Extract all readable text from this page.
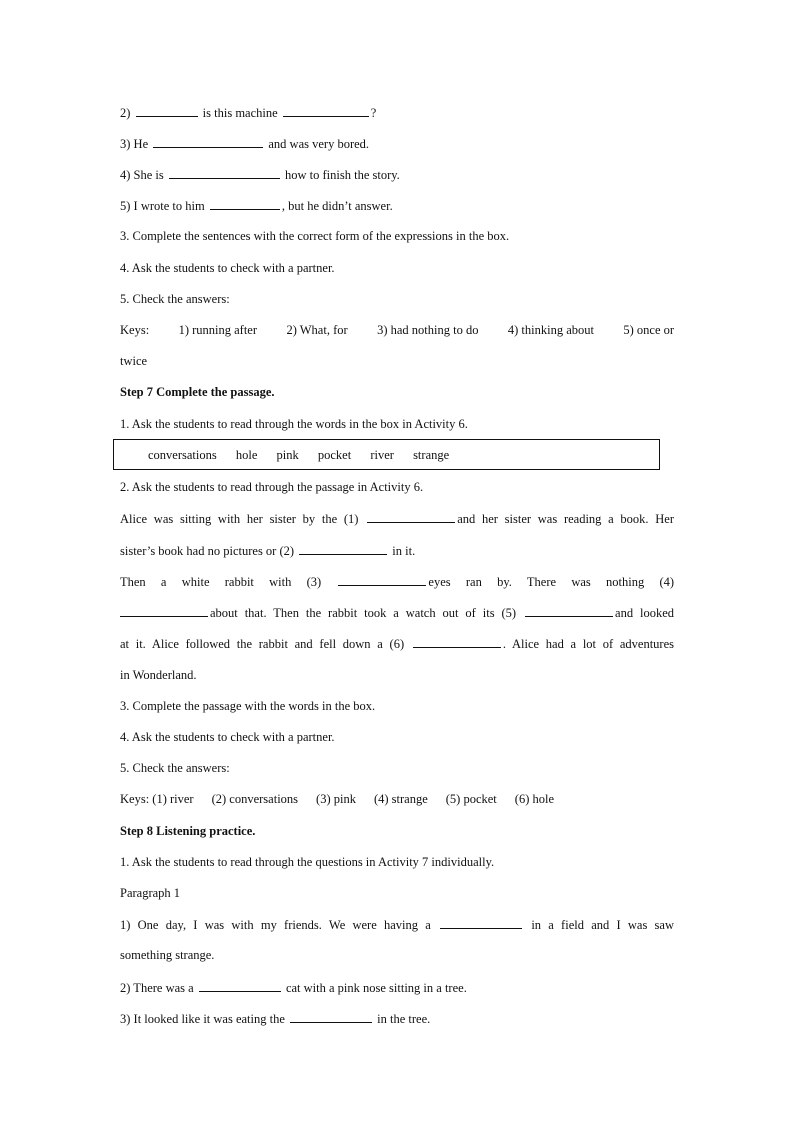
2)	is this machine	?
3) He	and was very bored.
4) She is	how to finish the story.
5) I wrote to him	, but he didn’t answer.
3. Complete the sentences with the correct form of the expressions in the box.
4. Ask the students to check with a partner.
5. Check the answers:
Keys: 1) running after 2) What, for 3) had nothing to do 4) thinking about 5) once or
twice
Step 7 Complete the passage.
1. Ask the students to read through the words in the box in Activity 6.
conversations hole pink pocket river strange
2. Ask the students to read through the passage in Activity 6.
Alice was sitting with her sister by the (1)	and her sister was reading a book. Her
sister’s book had no pictures or (2)	in it.
Then a white rabbit with (3)	eyes ran by. There was nothing (4)
about that. Then the rabbit took a watch out of its (5)	and looked
at it. Alice followed the rabbit and fell down a (6)	. Alice had a lot of adventures
in Wonderland.
3. Complete the passage with the words in the box.
4. Ask the students to check with a partner.
5. Check the answers:
Keys: (1) river (2) conversations (3) pink (4) strange (5) pocket (6) hole
Step 8 Listening practice.
1. Ask the students to read through the questions in Activity 7 individually.
Paragraph 1
1) One day, I was with my friends. We were having a	in a field and I was saw
something strange.
2) There was a	cat with a pink nose sitting in a tree.
3) It looked like it was eating the	in the tree.
